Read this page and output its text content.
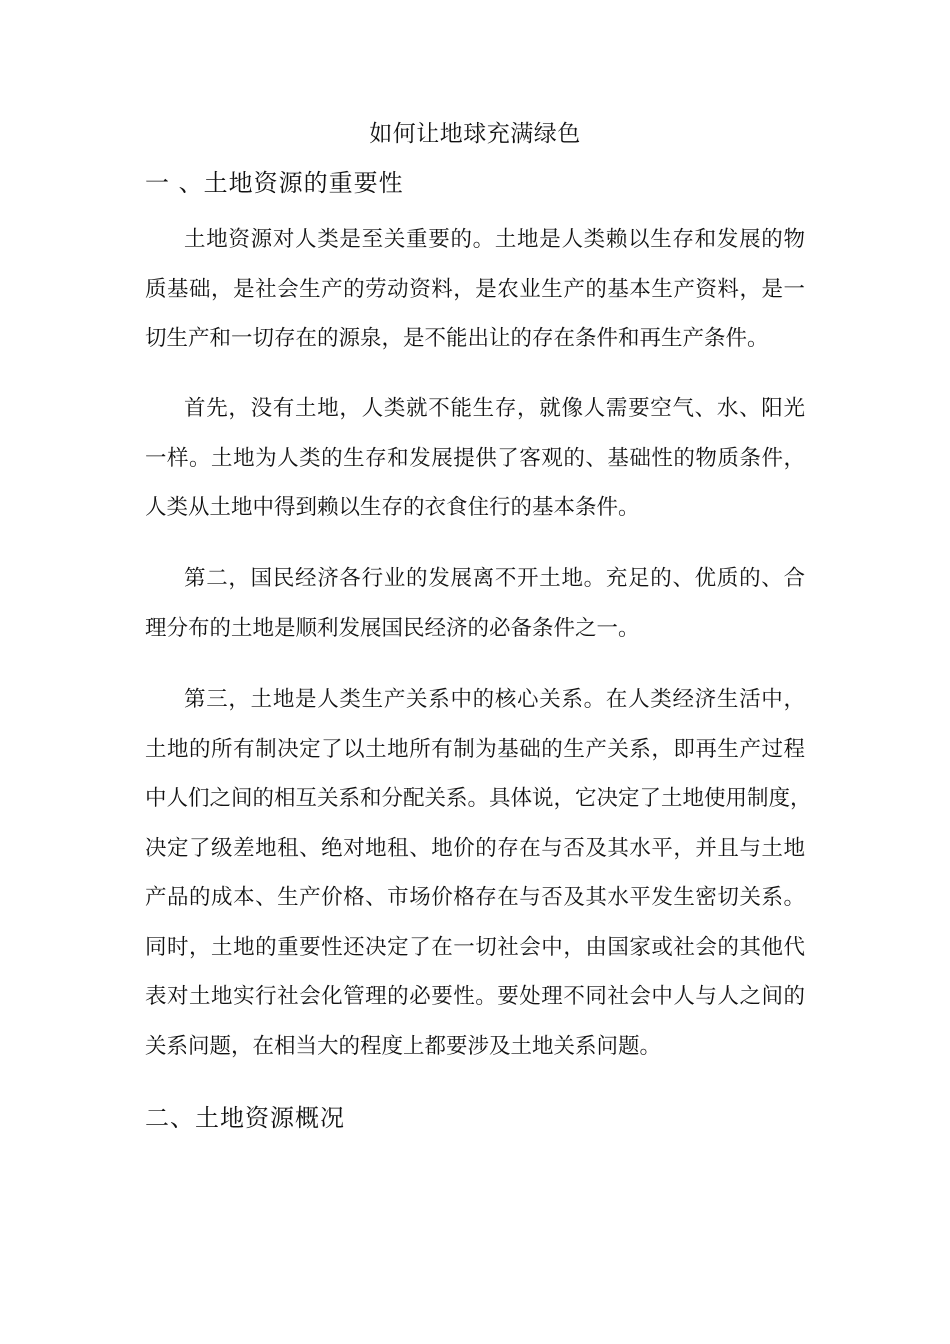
如何让地球充满绿色
一 、土地资源的重要性
土地资源对人类是至关重要的。土地是人类赖以生存和发展的物
质基础，是社会生产的劳动资料，是农业生产的基本生产资料，是一
切生产和一切存在的源泉，是不能出让的存在条件和再生产条件。
首先，没有土地，人类就不能生存，就像人需要空气、水、阳光
一样。土地为人类的生存和发展提供了客观的、基础性的物质条件，
人类从土地中得到赖以生存的衣食住行的基本条件。
第二，国民经济各行业的发展离不开土地。充足的、优质的、合
理分布的土地是顺利发展国民经济的必备条件之一。
第三，土地是人类生产关系中的核心关系。在人类经济生活中，
土地的所有制决定了以土地所有制为基础的生产关系，即再生产过程
中人们之间的相互关系和分配关系。具体说，它决定了土地使用制度，
决定了级差地租、绝对地租、地价的存在与否及其水平，并且与土地
产品的成本、生产价格、市场价格存在与否及其水平发生密切关系。
同时，土地的重要性还决定了在一切社会中，由国家或社会的其他代
表对土地实行社会化管理的必要性。要处理不同社会中人与人之间的
关系问题，在相当大的程度上都要涉及土地关系问题。
二、土地资源概况
